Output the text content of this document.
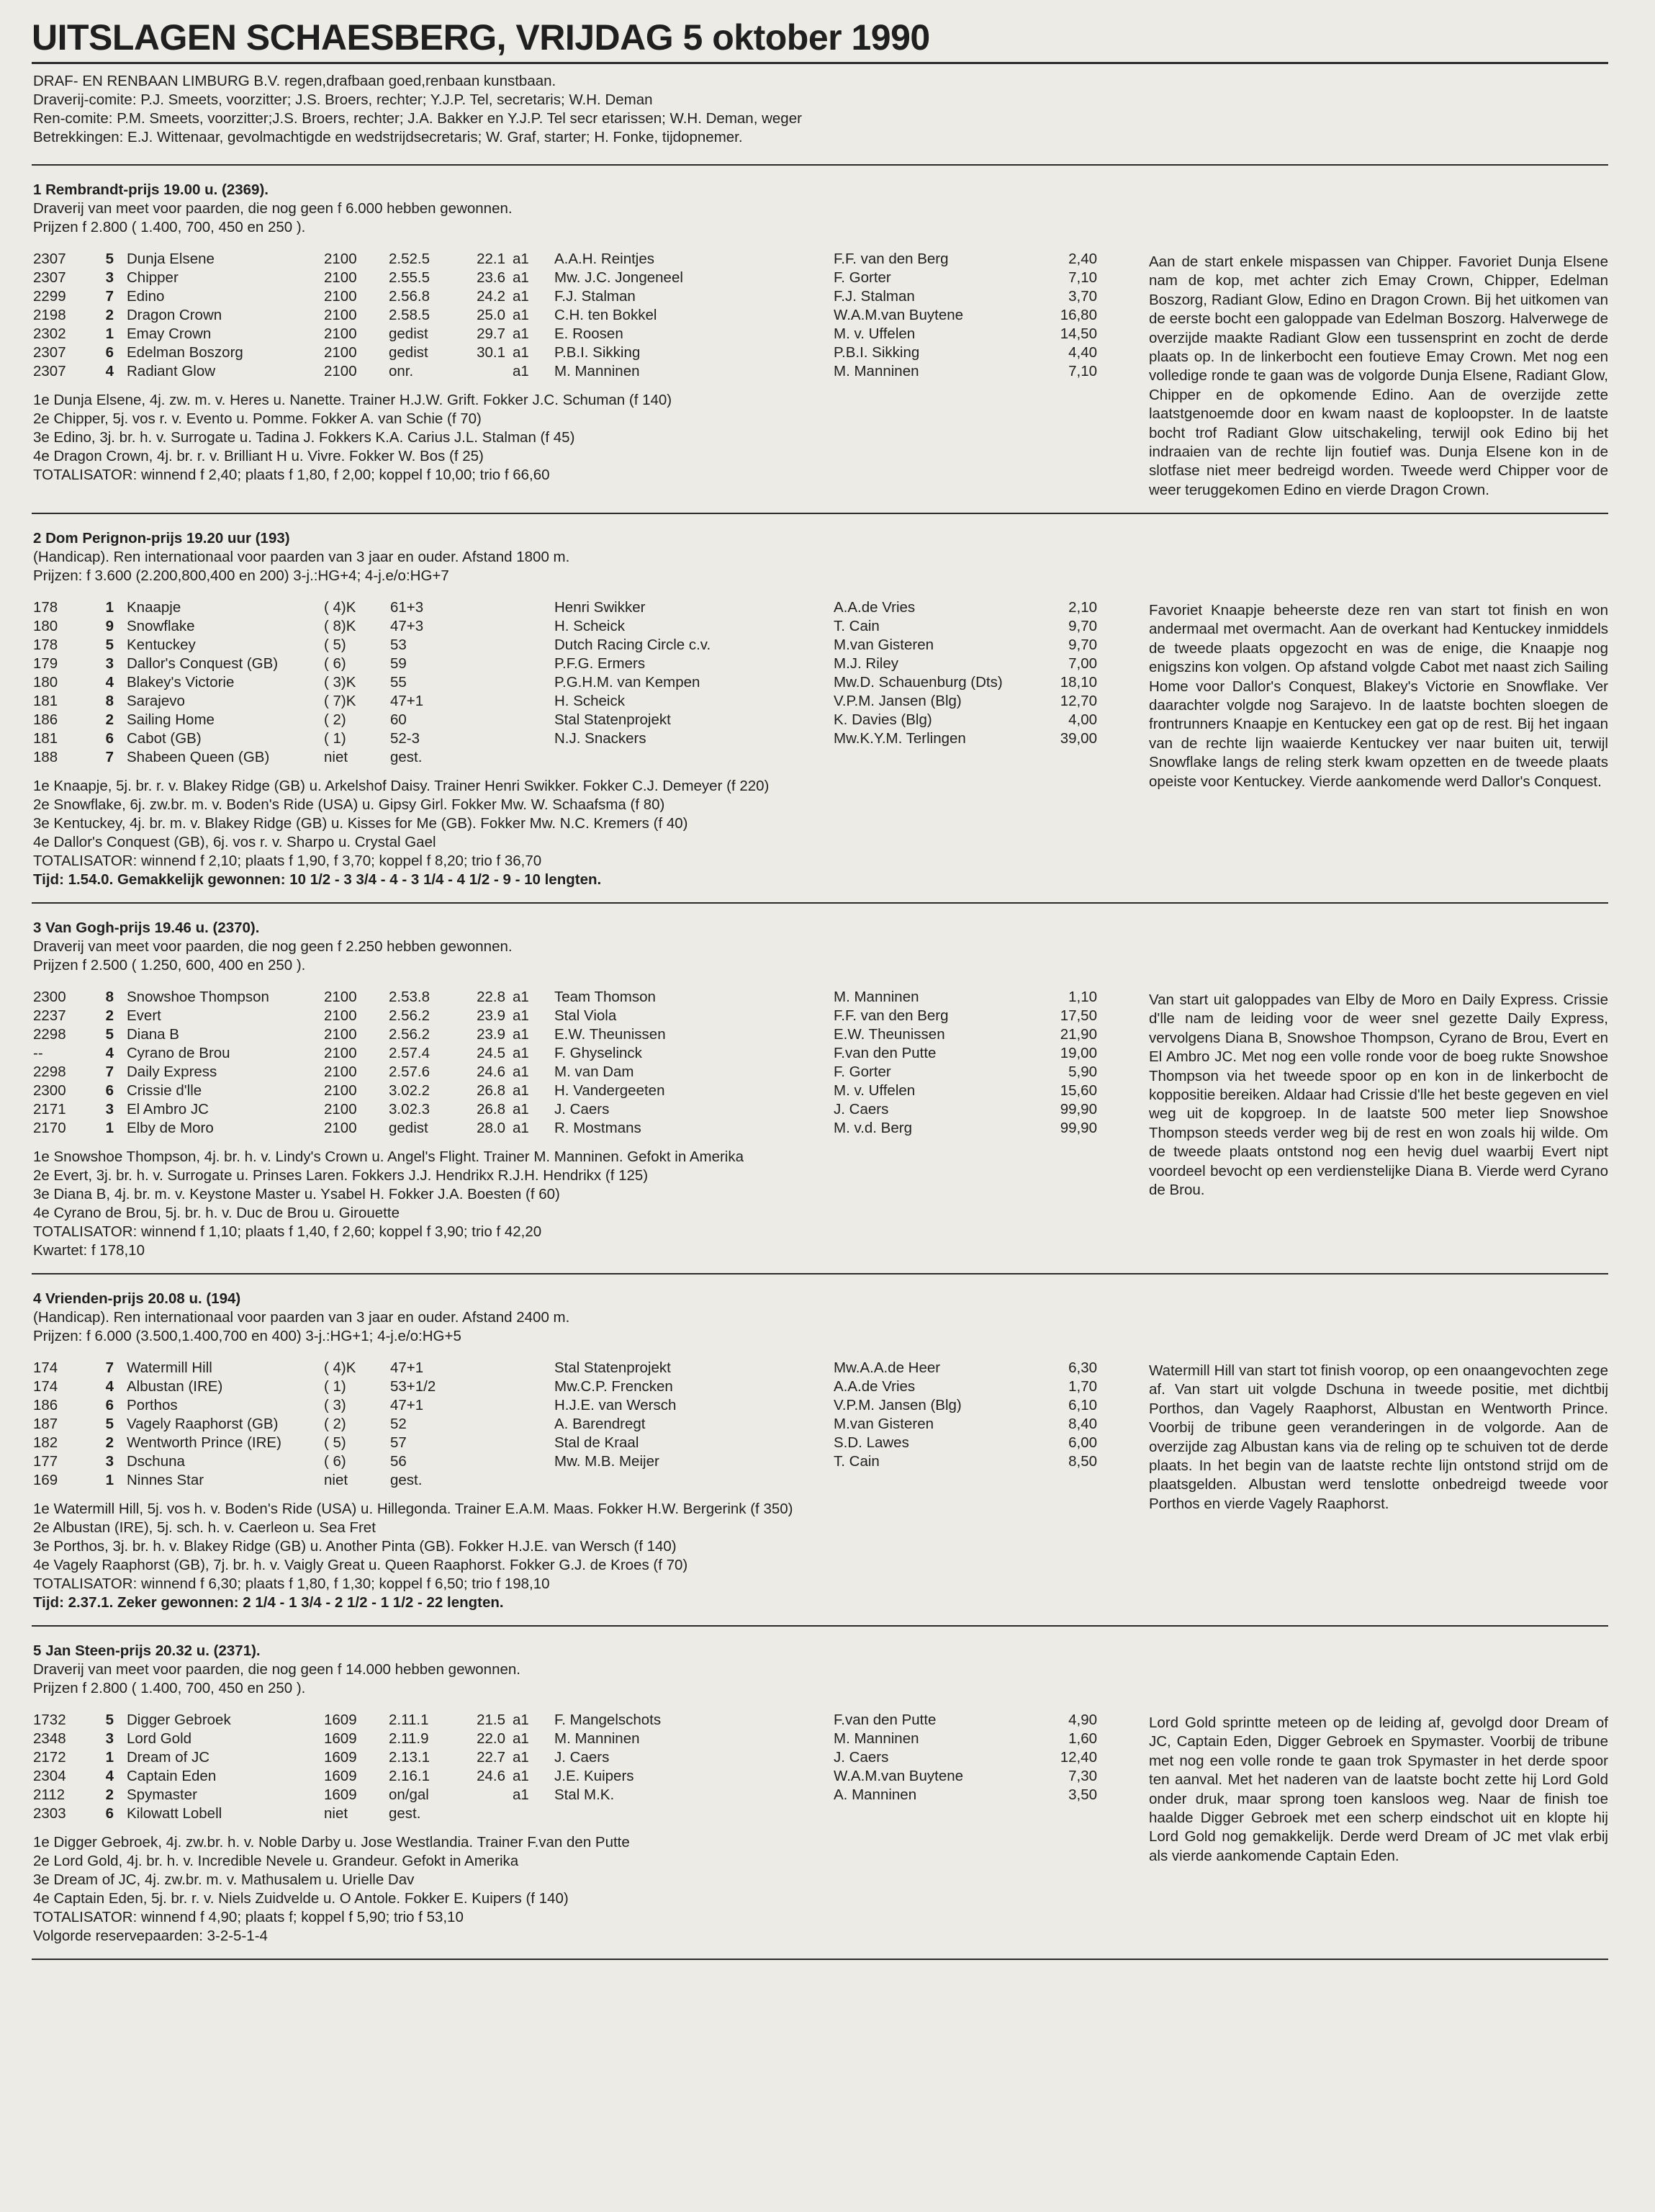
UITSLAGEN SCHAESBERG, VRIJDAG 5 oktober 1990
DRAF- EN RENBAAN LIMBURG B.V. regen,drafbaan goed,renbaan kunstbaan.
Draverij-comite: P.J. Smeets, voorzitter; J.S. Broers, rechter; Y.J.P. Tel, secretaris; W.H. Deman
Ren-comite: P.M. Smeets, voorzitter;J.S. Broers, rechter; J.A. Bakker en Y.J.P. Tel secr etarissen; W.H. Deman, weger
Betrekkingen: E.J. Wittenaar, gevolmachtigde en wedstrijdsecretaris; W. Graf, starter; H. Fonke, tijdopnemer.
1 Rembrandt-prijs 19.00 u. (2369).
Draverij van meet voor paarden, die nog geen f 6.000 hebben gewonnen.
Prijzen f 2.800 ( 1.400, 700, 450 en 250 ).
2307	5 Dunja Elsene	2100	2.52.5	22.1 a1	A.A.H. Reintjes	F.F. van den Berg	2,40
2307	3 Chipper	2100	2.55.5	23.6 a1	Mw. J.C. Jongeneel	F. Gorter	7,10
2299	7 Edino	2100	2.56.8	24.2 a1	F.J. Stalman	F.J. Stalman	3,70
2198	2 Dragon Crown	2100	2.58.5	25.0 a1	C.H. ten Bokkel	W.A.M.van Buytene	16,80
2302	1 Emay Crown	2100	gedist	29.7 a1	E. Roosen	M. v. Uffelen	14,50
2307	6 Edelman Boszorg	2100	gedist	30.1 a1	P.B.I. Sikking	P.B.I. Sikking	4,40
2307	4 Radiant Glow	2100	onr.	a1	M. Manninen	M. Manninen	7,10
1e Dunja Elsene, 4j. zw. m. v. Heres u. Nanette. Trainer H.J.W. Grift. Fokker J.C. Schuman (f 140)
2e Chipper, 5j. vos r. v. Evento u. Pomme. Fokker A. van Schie (f 70)
3e Edino, 3j. br. h. v. Surrogate u. Tadina J. Fokkers K.A. Carius J.L. Stalman (f 45)
4e Dragon Crown, 4j. br. r. v. Brilliant H u. Vivre. Fokker W. Bos (f 25)
TOTALISATOR: winnend f 2,40; plaats f 1,80, f 2,00; koppel f 10,00; trio f 66,60

Aan de start enkele mispassen van Chipper. Favoriet Dunja Elsene nam de kop, met achter zich Emay Crown, Chipper, Edelman Boszorg, Radiant Glow, Edino en Dragon Crown. Bij het uitkomen van de eerste bocht een galoppade van Edelman Boszorg. Halverwege de overzijde maakte Radiant Glow een tussensprint en zocht de derde plaats op. In de linkerbocht een foutieve Emay Crown. Met nog een volledige ronde te gaan was de volgorde Dunja Elsene, Radiant Glow, Chipper en de opkomende Edino. Aan de overzijde zette laatstgenoemde door en kwam naast de koploopster. In de laatste bocht trof Radiant Glow uitschakeling, terwijl ook Edino bij het indraaien van de rechte lijn foutief was. Dunja Elsene kon in de slotfase niet meer bedreigd worden. Tweede werd Chipper voor de weer teruggekomen Edino en vierde Dragon Crown.

2 Dom Perignon-prijs 19.20 uur (193)
(Handicap). Ren internationaal voor paarden van 3 jaar en ouder. Afstand 1800 m.
Prijzen: f 3.600 (2.200,800,400 en 200) 3-j.:HG+4; 4-j.e/o:HG+7
178	1 Knaapje	( 4)K	61+3	Henri Swikker	A.A.de Vries	2,10
180	9 Snowflake	( 8)K	47+3	H. Scheick	T. Cain	9,70
178	5 Kentuckey	( 5)	53	Dutch Racing Circle c.v.	M.van Gisteren	9,70
179	3 Dallor's Conquest (GB)	( 6)	59	P.F.G. Ermers	M.J. Riley	7,00
180	4 Blakey's Victorie	( 3)K	55	P.G.H.M. van Kempen	Mw.D. Schauenburg (Dts)	18,10
181	8 Sarajevo	( 7)K	47+1	H. Scheick	V.P.M. Jansen (Blg)	12,70
186	2 Sailing Home	( 2)	60	Stal Statenprojekt	K. Davies (Blg)	4,00
181	6 Cabot (GB)	( 1)	52-3	N.J. Snackers	Mw.K.Y.M. Terlingen	39,00
188	7 Shabeen Queen (GB)	niet	gest.
1e Knaapje, 5j. br. r. v. Blakey Ridge (GB) u. Arkelshof Daisy. Trainer Henri Swikker. Fokker C.J. Demeyer (f 220)
2e Snowflake, 6j. zw.br. m. v. Boden's Ride (USA) u. Gipsy Girl. Fokker Mw. W. Schaafsma (f 80)
3e Kentuckey, 4j. br. m. v. Blakey Ridge (GB) u. Kisses for Me (GB). Fokker Mw. N.C. Kremers (f 40)
4e Dallor's Conquest (GB), 6j. vos r. v. Sharpo u. Crystal Gael
TOTALISATOR: winnend f 2,10; plaats f 1,90, f 3,70; koppel f 8,20; trio f 36,70
Tijd: 1.54.0. Gemakkelijk gewonnen: 10 1/2 - 3 3/4 - 4 - 3 1/4 - 4 1/2 - 9 - 10 lengten.

Favoriet Knaapje beheerste deze ren van start tot finish en won andermaal met overmacht. Aan de overkant had Kentuckey inmiddels de tweede plaats opgezocht en was de enige, die Knaapje nog enigszins kon volgen. Op afstand volgde Cabot met naast zich Sailing Home voor Dallor's Conquest, Blakey's Victorie en Snowflake. Ver daarachter volgde nog Sarajevo. In de laatste bochten sloegen de frontrunners Knaapje en Kentuckey een gat op de rest. Bij het ingaan van de rechte lijn waaierde Kentuckey ver naar buiten uit, terwijl Snowflake langs de reling sterk kwam opzetten en de tweede plaats opeiste voor Kentuckey. Vierde aankomende werd Dallor's Conquest.

3 Van Gogh-prijs 19.46 u. (2370).
Draverij van meet voor paarden, die nog geen f 2.250 hebben gewonnen.
Prijzen f 2.500 ( 1.250, 600, 400 en 250 ).
2300	8 Snowshoe Thompson	2100	2.53.8	22.8 a1	Team Thomson	M. Manninen	1,10
2237	2 Evert	2100	2.56.2	23.9 a1	Stal Viola	F.F. van den Berg	17,50
2298	5 Diana B	2100	2.56.2	23.9 a1	E.W. Theunissen	E.W. Theunissen	21,90
--	4 Cyrano de Brou	2100	2.57.4	24.5 a1	F. Ghyselinck	F.van den Putte	19,00
2298	7 Daily Express	2100	2.57.6	24.6 a1	M. van Dam	F. Gorter	5,90
2300	6 Crissie d'lle	2100	3.02.2	26.8 a1	H. Vandergeeten	M. v. Uffelen	15,60
2171	3 El Ambro JC	2100	3.02.3	26.8 a1	J. Caers	J. Caers	99,90
2170	1 Elby de Moro	2100	gedist	28.0 a1	R. Mostmans	M. v.d. Berg	99,90
1e Snowshoe Thompson, 4j. br. h. v. Lindy's Crown u. Angel's Flight. Trainer M. Manninen. Gefokt in Amerika
2e Evert, 3j. br. h. v. Surrogate u. Prinses Laren. Fokkers J.J. Hendrikx R.J.H. Hendrikx (f 125)
3e Diana B, 4j. br. m. v. Keystone Master u. Ysabel H. Fokker J.A. Boesten (f 60)
4e Cyrano de Brou, 5j. br. h. v. Duc de Brou u. Girouette
TOTALISATOR: winnend f 1,10; plaats f 1,40, f 2,60; koppel f 3,90; trio f 42,20
Kwartet: f 178,10

Van start uit galoppades van Elby de Moro en Daily Express. Crissie d'lle nam de leiding voor de weer snel gezette Daily Express, vervolgens Diana B, Snowshoe Thompson, Cyrano de Brou, Evert en El Ambro JC. Met nog een volle ronde voor de boeg rukte Snowshoe Thompson via het tweede spoor op en kon in de linkerbocht de koppositie bereiken. Aldaar had Crissie d'lle het beste gegeven en viel weg uit de kopgroep. In de laatste 500 meter liep Snowshoe Thompson steeds verder weg bij de rest en won zoals hij wilde. Om de tweede plaats ontstond nog een hevig duel waarbij Evert nipt voordeel bevocht op een verdienstelijke Diana B. Vierde werd Cyrano de Brou.

4 Vrienden-prijs 20.08 u. (194)
(Handicap). Ren internationaal voor paarden van 3 jaar en ouder. Afstand 2400 m.
Prijzen: f 6.000 (3.500,1.400,700 en 400) 3-j.:HG+1; 4-j.e/o:HG+5
174	7 Watermill Hill	( 4)K	47+1	Stal Statenprojekt	Mw.A.A.de Heer	6,30
174	4 Albustan (IRE)	( 1)	53+1/2	Mw.C.P. Frencken	A.A.de Vries	1,70
186	6 Porthos	( 3)	47+1	H.J.E. van Wersch	V.P.M. Jansen (Blg)	6,10
187	5 Vagely Raaphorst (GB)	( 2)	52	A. Barendregt	M.van Gisteren	8,40
182	2 Wentworth Prince (IRE)	( 5)	57	Stal de Kraal	S.D. Lawes	6,00
177	3 Dschuna	( 6)	56	Mw. M.B. Meijer	T. Cain	8,50
169	1 Ninnes Star	niet	gest.
1e Watermill Hill, 5j. vos h. v. Boden's Ride (USA) u. Hillegonda. Trainer E.A.M. Maas. Fokker H.W. Bergerink (f 350)
2e Albustan (IRE), 5j. sch. h. v. Caerleon u. Sea Fret
3e Porthos, 3j. br. h. v. Blakey Ridge (GB) u. Another Pinta (GB). Fokker H.J.E. van Wersch (f 140)
4e Vagely Raaphorst (GB), 7j. br. h. v. Vaigly Great u. Queen Raaphorst. Fokker G.J. de Kroes (f 70)
TOTALISATOR: winnend f 6,30; plaats f 1,80, f 1,30; koppel f 6,50; trio f 198,10
Tijd: 2.37.1. Zeker gewonnen: 2 1/4 - 1 3/4 - 2 1/2 - 1 1/2 - 22 lengten.

Watermill Hill van start tot finish voorop, op een onaangevochten zege af. Van start uit volgde Dschuna in tweede positie, met dichtbij Porthos, dan Vagely Raaphorst, Albustan en Wentworth Prince. Voorbij de tribune geen veranderingen in de volgorde. Aan de overzijde zag Albustan kans via de reling op te schuiven tot de derde plaats. In het begin van de laatste rechte lijn ontstond strijd om de plaatsgelden. Albustan werd tenslotte onbedreigd tweede voor Porthos en vierde Vagely Raaphorst.

5 Jan Steen-prijs 20.32 u. (2371).
Draverij van meet voor paarden, die nog geen f 14.000 hebben gewonnen.
Prijzen f 2.800 ( 1.400, 700, 450 en 250 ).
1732	5 Digger Gebroek	1609	2.11.1	21.5 a1	F. Mangelschots	F.van den Putte	4,90
2348	3 Lord Gold	1609	2.11.9	22.0 a1	M. Manninen	M. Manninen	1,60
2172	1 Dream of JC	1609	2.13.1	22.7 a1	J. Caers	J. Caers	12,40
2304	4 Captain Eden	1609	2.16.1	24.6 a1	J.E. Kuipers	W.A.M.van Buytene	7,30
2112	2 Spymaster	1609	on/gal	a1	Stal M.K.	A. Manninen	3,50
2303	6 Kilowatt Lobell	niet	gest.
1e Digger Gebroek, 4j. zw.br. h. v. Noble Darby u. Jose Westlandia. Trainer F.van den Putte
2e Lord Gold, 4j. br. h. v. Incredible Nevele u. Grandeur. Gefokt in Amerika
3e Dream of JC, 4j. zw.br. m. v. Mathusalem u. Urielle Dav
4e Captain Eden, 5j. br. r. v. Niels Zuidvelde u. O Antole. Fokker E. Kuipers (f 140)
TOTALISATOR: winnend f 4,90; plaats f; koppel f 5,90; trio f 53,10
Volgorde reservepaarden: 3-2-5-1-4

Lord Gold sprintte meteen op de leiding af, gevolgd door Dream of JC, Captain Eden, Digger Gebroek en Spymaster. Voorbij de tribune met nog een volle ronde te gaan trok Spymaster in het derde spoor ten aanval. Met het naderen van de laatste bocht zette hij Lord Gold onder druk, maar sprong toen kansloos weg. Naar de finish toe haalde Digger Gebroek met een scherp eindschot uit en klopte hij Lord Gold nog gemakkelijk. Derde werd Dream of JC met vlak erbij als vierde aankomende Captain Eden.
